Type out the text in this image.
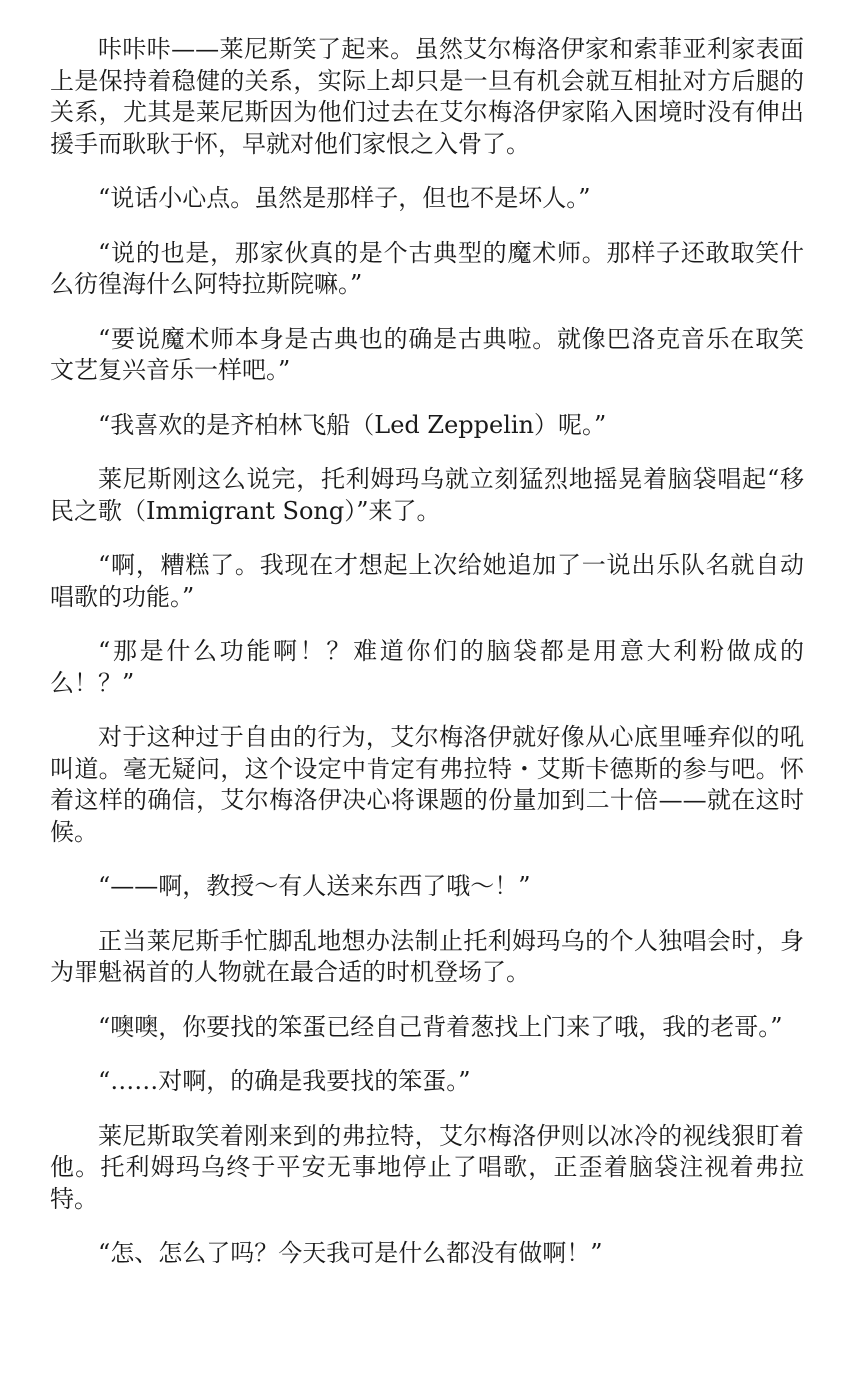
咔咔咔——莱尼斯笑了起来。虽然艾尔梅洛伊家和索菲亚利家表面上是保持着稳健的关系，实际上却只是一旦有机会就互相扯对方后腿的关系，尤其是莱尼斯因为他们过去在艾尔梅洛伊家陷入困境时没有伸出援手而耿耿于怀，早就对他们家恨之入骨了。

“说话小心点。虽然是那样子，但也不是坏人。”

“说的也是，那家伙真的是个古典型的魔术师。那样子还敢取笑什么彷徨海什么阿特拉斯院嘛。”

“要说魔术师本身是古典也的确是古典啦。就像巴洛克音乐在取笑文艺复兴音乐一样吧。”

“我喜欢的是齐柏林飞船（Led Zeppelin）呢。”

莱尼斯刚这么说完，托利姆玛乌就立刻猛烈地摇晃着脑袋唱起“移民之歌（Immigrant Song）”来了。

“啊，糟糕了。我现在才想起上次给她追加了一说出乐队名就自动唱歌的功能。”

“那是什么功能啊！？难道你们的脑袋都是用意大利粉做成的么！？”

对于这种过于自由的行为，艾尔梅洛伊就好像从心底里唾弃似的吼叫道。毫无疑问，这个设定中肯定有弗拉特・艾斯卡德斯的参与吧。怀着这样的确信，艾尔梅洛伊决心将课题的份量加到二十倍——就在这时候。

“——啊，教授～有人送来东西了哦～！”

正当莱尼斯手忙脚乱地想办法制止托利姆玛乌的个人独唱会时，身为罪魁祸首的人物就在最合适的时机登场了。

“噢噢，你要找的笨蛋已经自己背着葱找上门来了哦，我的老哥。”

“……对啊，的确是我要找的笨蛋。”

莱尼斯取笑着刚来到的弗拉特，艾尔梅洛伊则以冰冷的视线狠盯着他。托利姆玛乌终于平安无事地停止了唱歌，正歪着脑袋注视着弗拉特。

“怎、怎么了吗？今天我可是什么都没有做啊！”
